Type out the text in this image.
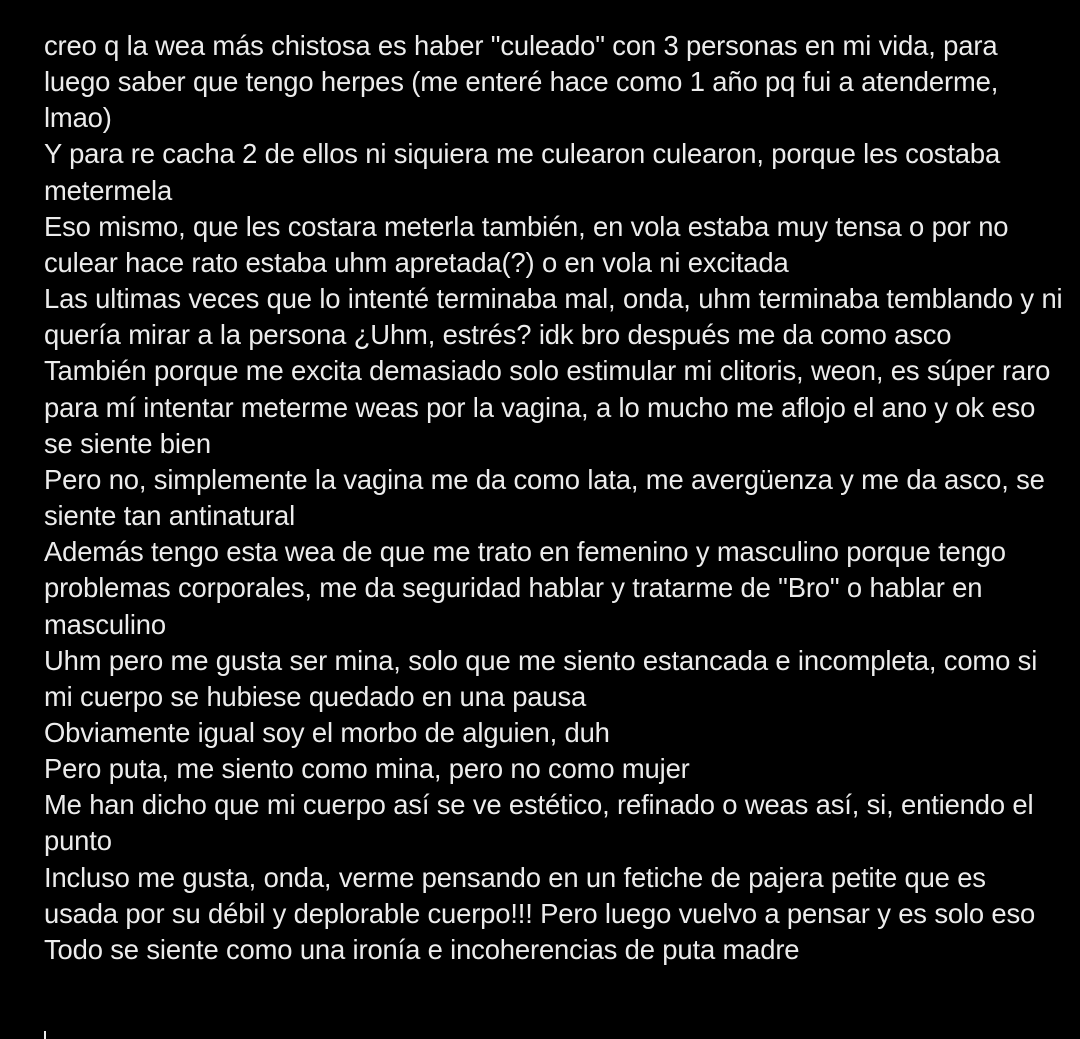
creo q la wea más chistosa es haber "culeado" con 3 personas en mi vida, para luego saber que tengo herpes (me enteré hace como 1 año pq fui a atenderme, lmao)
Y para re cacha 2 de ellos ni siquiera me culearon culearon, porque les costaba metermela
Eso mismo, que les costara meterla también, en vola estaba muy tensa o por no culear hace rato estaba uhm apretada(?) o en vola ni excitada
Las ultimas veces que lo intenté terminaba mal, onda, uhm terminaba temblando y ni quería mirar a la persona ¿Uhm, estrés? idk bro después me da como asco
También porque me excita demasiado solo estimular mi clitoris, weon, es súper raro para mí intentar meterme weas por la vagina, a lo mucho me aflojo el ano y ok eso se siente bien
Pero no, simplemente la vagina me da como lata, me avergüenza y me da asco, se siente tan antinatural
Además tengo esta wea de que me trato en femenino y masculino porque tengo problemas corporales, me da seguridad hablar y tratarme de "Bro" o hablar en masculino
Uhm pero me gusta ser mina, solo que me siento estancada e incompleta, como si mi cuerpo se hubiese quedado en una pausa
Obviamente igual soy el morbo de alguien, duh
Pero puta, me siento como mina, pero no como mujer
Me han dicho que mi cuerpo así se ve estético, refinado o weas así, si, entiendo el punto
Incluso me gusta, onda, verme pensando en un fetiche de pajera petite que es usada por su débil y deplorable cuerpo!!! Pero luego vuelvo a pensar y es solo eso
Todo se siente como una ironía e incoherencias de puta madre
